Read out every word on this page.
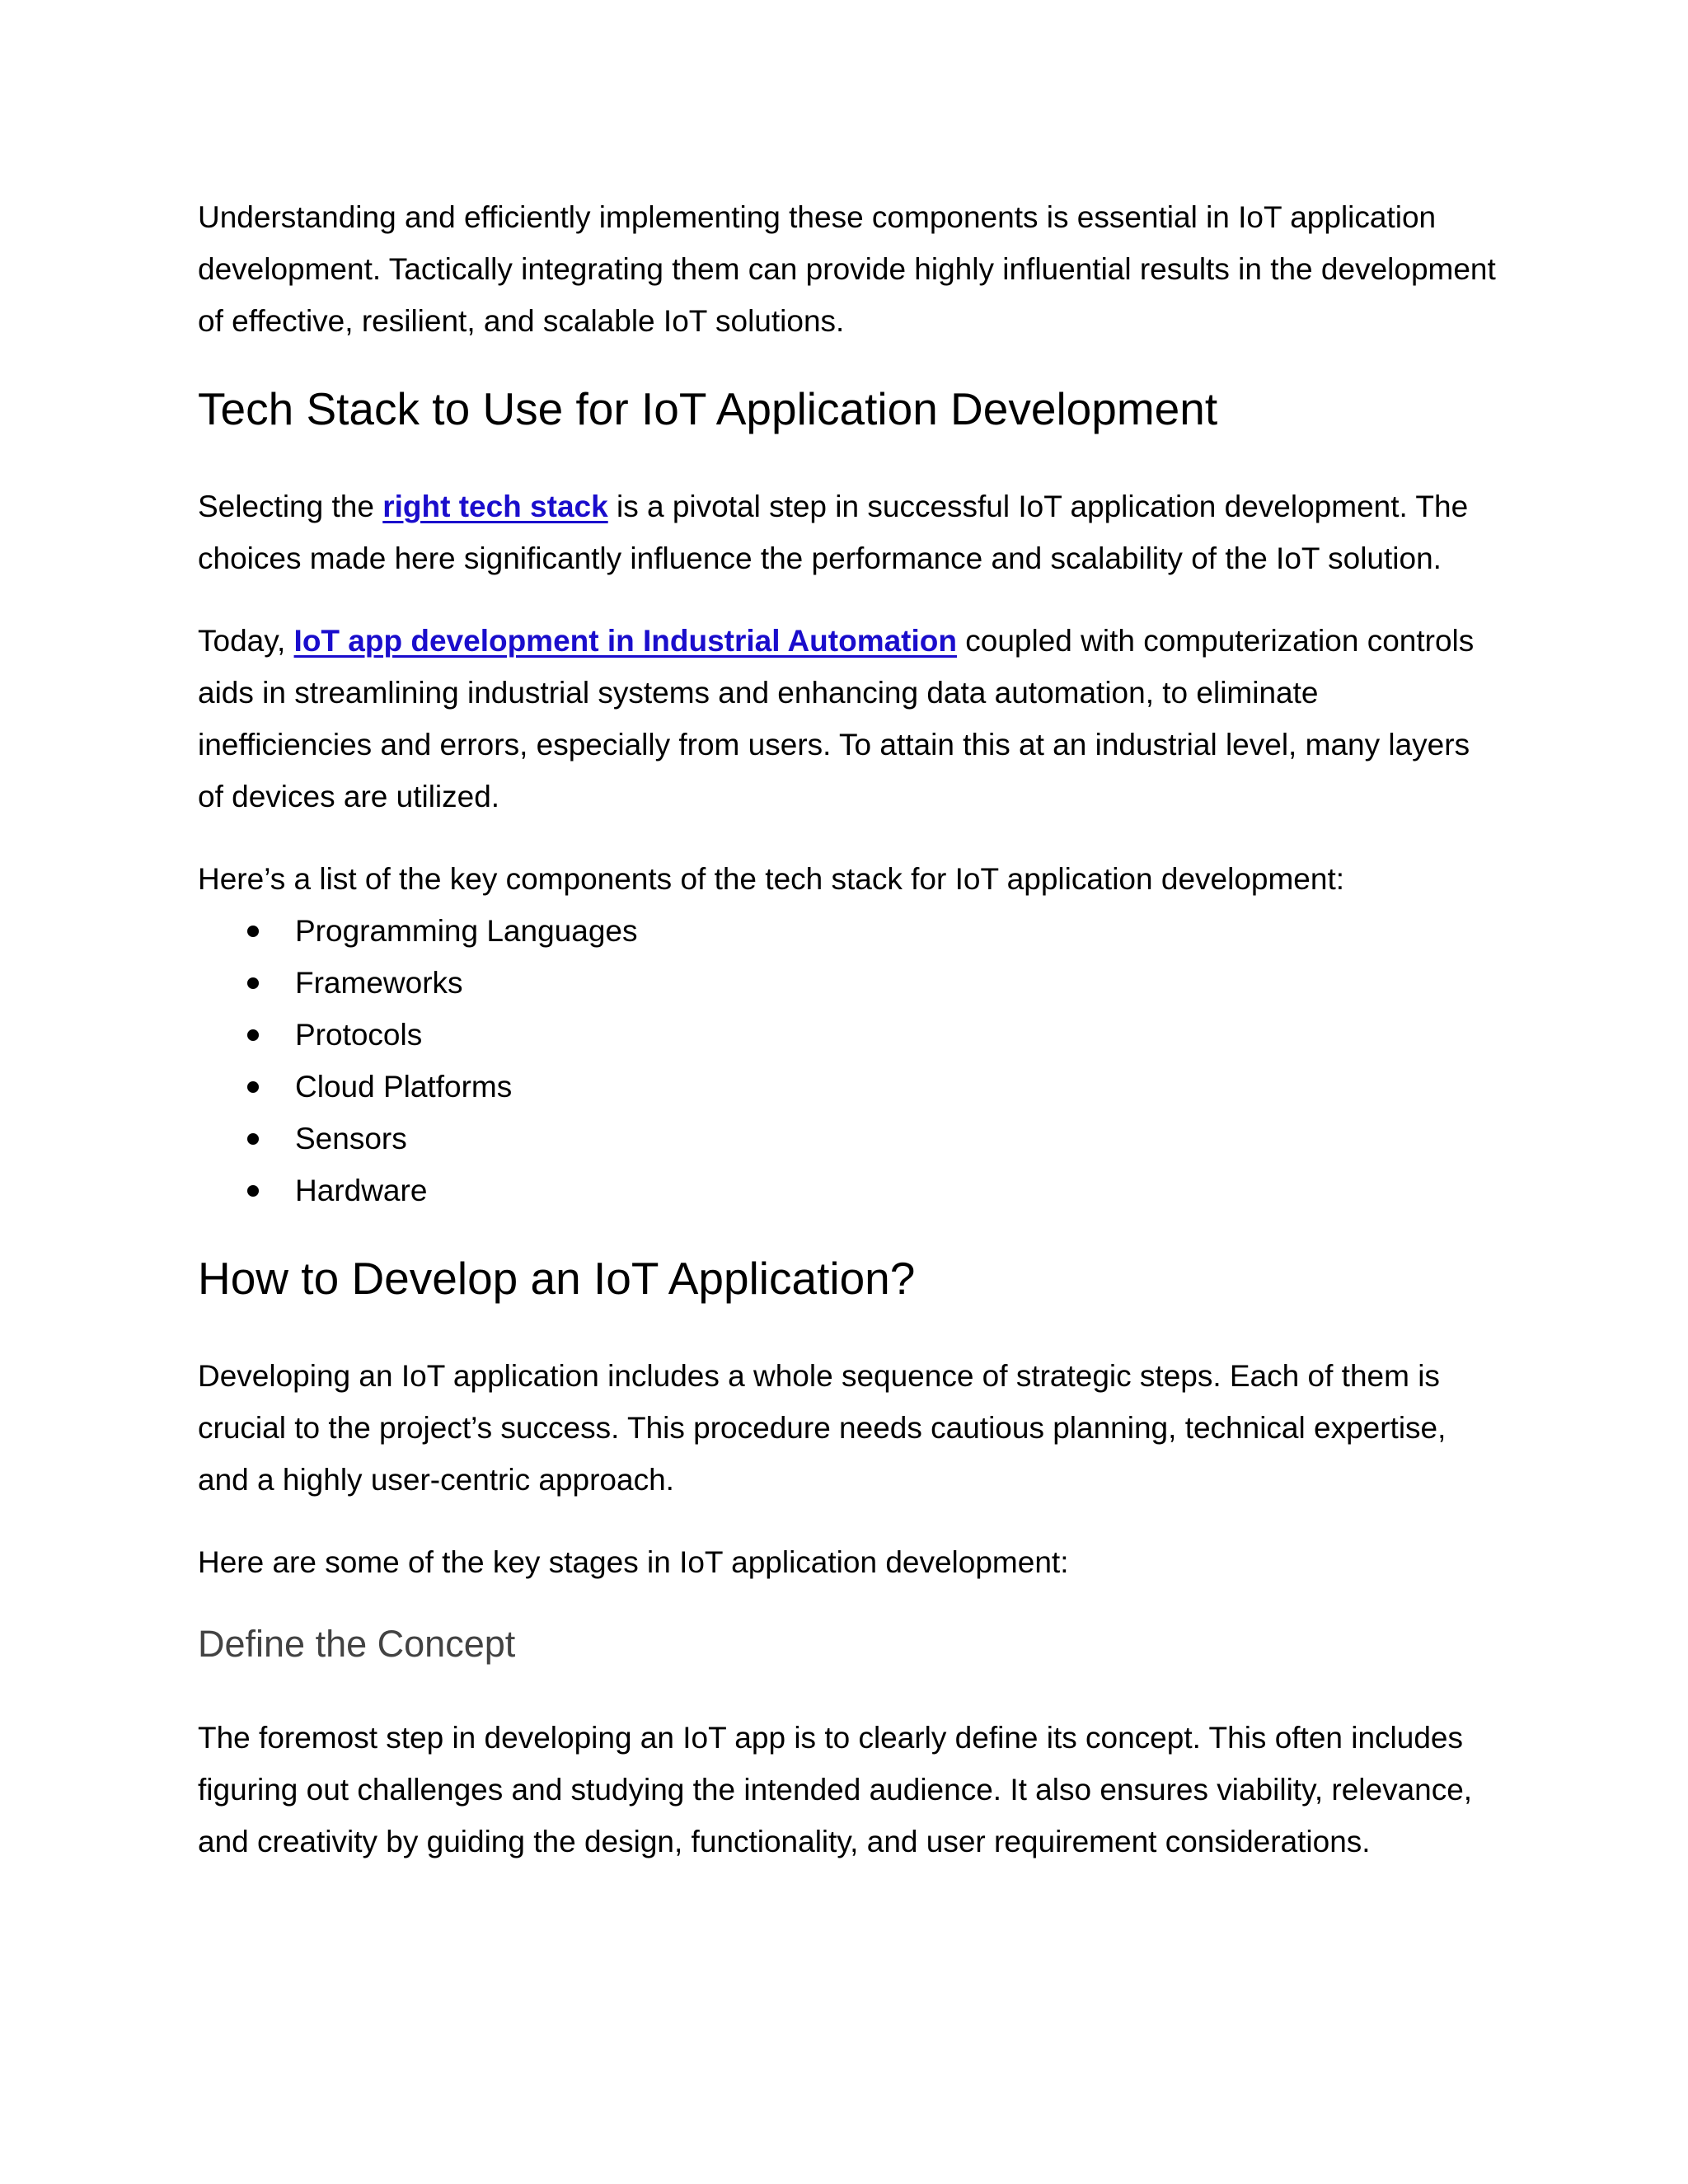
Understanding and efficiently implementing these components is essential in IoT application development. Tactically integrating them can provide highly influential results in the development of effective, resilient, and scalable IoT solutions.

Tech Stack to Use for IoT Application Development

Selecting the right tech stack is a pivotal step in successful IoT application development. The choices made here significantly influence the performance and scalability of the IoT solution.

Today, IoT app development in Industrial Automation coupled with computerization controls aids in streamlining industrial systems and enhancing data automation, to eliminate inefficiencies and errors, especially from users. To attain this at an industrial level, many layers of devices are utilized.

Here’s a list of the key components of the tech stack for IoT application development:

Programming Languages
Frameworks
Protocols
Cloud Platforms
Sensors
Hardware
How to Develop an IoT Application?

Developing an IoT application includes a whole sequence of strategic steps. Each of them is crucial to the project’s success. This procedure needs cautious planning, technical expertise, and a highly user-centric approach.

Here are some of the key stages in IoT application development:

Define the Concept

The foremost step in developing an IoT app is to clearly define its concept. This often includes figuring out challenges and studying the intended audience. It also ensures viability, relevance, and creativity by guiding the design, functionality, and user requirement considerations.
